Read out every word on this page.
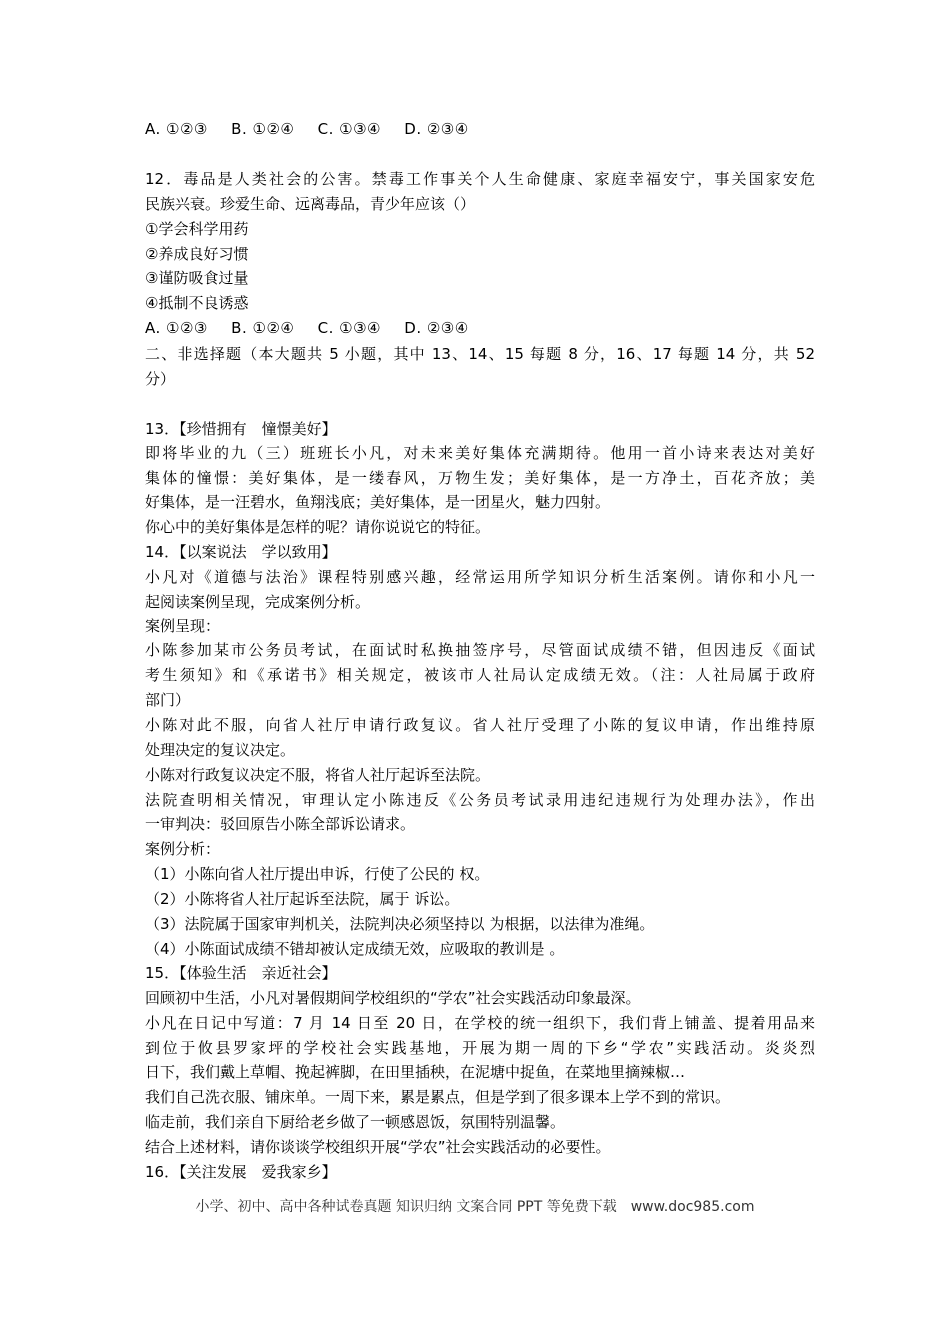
A. ①②③ B. ①②④ C. ①③④ D. ②③④
12．毒品是人类社会的公害。禁毒工作事关个人生命健康、家庭幸福安宁，事关国家安危
民族兴衰。珍爱生命、远离毒品，青少年应该（）
①学会科学用药
②养成良好习惯
③谨防吸食过量
④抵制不良诱惑
A. ①②③ B. ①②④ C. ①③④ D. ②③④
二、非选择题（本大题共 5 小题，其中 13、14、15 每题 8 分，16、17 每题 14 分，共 52
分）
13．【珍惜拥有　憧憬美好】
即将毕业的九（三）班班长小凡，对未来美好集体充满期待。他用一首小诗来表达对美好
集体的憧憬：美好集体，是一缕春风，万物生发；美好集体，是一方净土，百花齐放；美
好集体，是一汪碧水，鱼翔浅底；美好集体，是一团星火，魅力四射。
你心中的美好集体是怎样的呢？请你说说它的特征。
14．【以案说法　学以致用】
小凡对《道德与法治》课程特别感兴趣，经常运用所学知识分析生活案例。请你和小凡一
起阅读案例呈现，完成案例分析。
案例呈现：
小陈参加某市公务员考试，在面试时私换抽签序号，尽管面试成绩不错，但因违反《面试
考生须知》和《承诺书》相关规定，被该市人社局认定成绩无效。（注：人社局属于政府
部门）
小陈对此不服，向省人社厅申请行政复议。省人社厅受理了小陈的复议申请，作出维持原
处理决定的复议决定。
小陈对行政复议决定不服，将省人社厅起诉至法院。
法院查明相关情况，审理认定小陈违反《公务员考试录用违纪违规行为处理办法》，作出
一审判决：驳回原告小陈全部诉讼请求。
案例分析：
（1）小陈向省人社厅提出申诉，行使了公民的 权。
（2）小陈将省人社厅起诉至法院，属于 诉讼。
（3）法院属于国家审判机关，法院判决必须坚持以 为根据，以法律为准绳。
（4）小陈面试成绩不错却被认定成绩无效，应吸取的教训是 。
15．【体验生活　亲近社会】
回顾初中生活，小凡对暑假期间学校组织的“学农”社会实践活动印象最深。
小凡在日记中写道：7 月 14 日至 20 日，在学校的统一组织下，我们背上铺盖、提着用品来
到位于攸县罗家坪的学校社会实践基地，开展为期一周的下乡“学农”实践活动。炎炎烈
日下，我们戴上草帽、挽起裤脚，在田里插秧，在泥塘中捉鱼，在菜地里摘辣椒…
我们自己洗衣服、铺床单。一周下来，累是累点，但是学到了很多课本上学不到的常识。
临走前，我们亲自下厨给老乡做了一顿感恩饭，氛围特别温馨。
结合上述材料，请你谈谈学校组织开展“学农”社会实践活动的必要性。
16．【关注发展　爱我家乡】
小学、初中、高中各种试卷真题 知识归纳 文案合同 PPT 等免费下载　www.doc985.com
